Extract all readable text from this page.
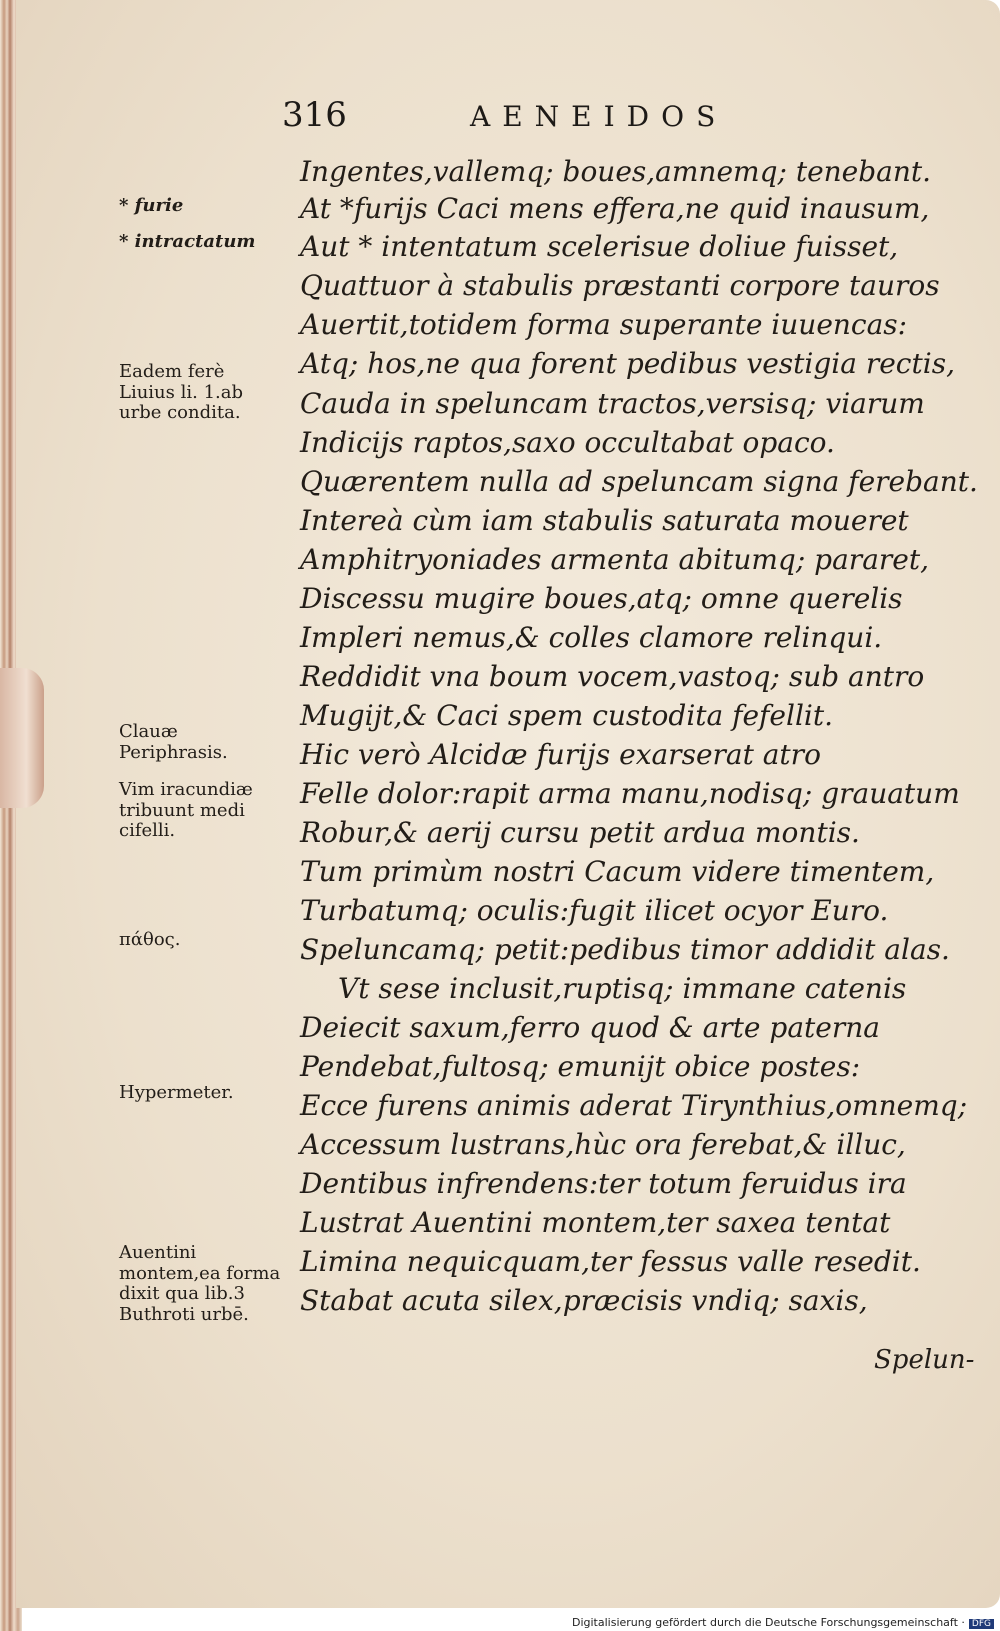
316	AENEIDOS
Ingentes,vallemq; boues,amnemq; tenebant.
At *furijs Caci mens effera,ne quid inausum,
Aut * intentatum scelerisue doliue fuisset,
Quattuor à stabulis præstanti corpore tauros
Auertit,totidem forma superante iuuencas:
Atq; hos,ne qua forent pedibus vestigia rectis,
Cauda in speluncam tractos,versisq; viarum
Indicijs raptos,saxo occultabat opaco.
Quærentem nulla ad speluncam signa ferebant.
Intereà cùm iam stabulis saturata moueret
Amphitryoniades armenta abitumq; pararet,
Discessu mugire boues,atq; omne querelis
Impleri nemus,& colles clamore relinqui.
Reddidit vna boum vocem,vastoq; sub antro
Mugijt,& Caci spem custodita fefellit.
Hic verò Alcidæ furijs exarserat atro
Felle dolor:rapit arma manu,nodisq; grauatum
Robur,& aerij cursu petit ardua montis.
Tum primùm nostri Cacum videre timentem,
Turbatumq; oculis:fugit ilicet ocyor Euro.
Speluncamq; petit:pedibus timor addidit alas.
Vt sese inclusit,ruptisq; immane catenis
Deiecit saxum,ferro quod & arte paterna
Pendebat,fultosq; emunijt obice postes:
Ecce furens animis aderat Tirynthius,omnemq;
Accessum lustrans,hùc ora ferebat,& illuc,
Dentibus infrendens:ter totum feruidus ira
Lustrat Auentini montem,ter saxea tentat
Limina nequicquam,ter fessus valle resedit.
Stabat acuta silex,præcisis vndiq; saxis,
* furie
* intractatum
Eadem ferè Liuius li. 1.ab urbe condita.
Clauæ Periphrasis.
Vim iracundiæ tribuunt medi cifelli.
πάθος.
Hypermeter.
Auentini montem,ea forma dixit qua lib.3 Buthroti urbē.
Spelun-
Digitalisierung gefördert durch die Deutsche Forschungsgemeinschaft · DFG
